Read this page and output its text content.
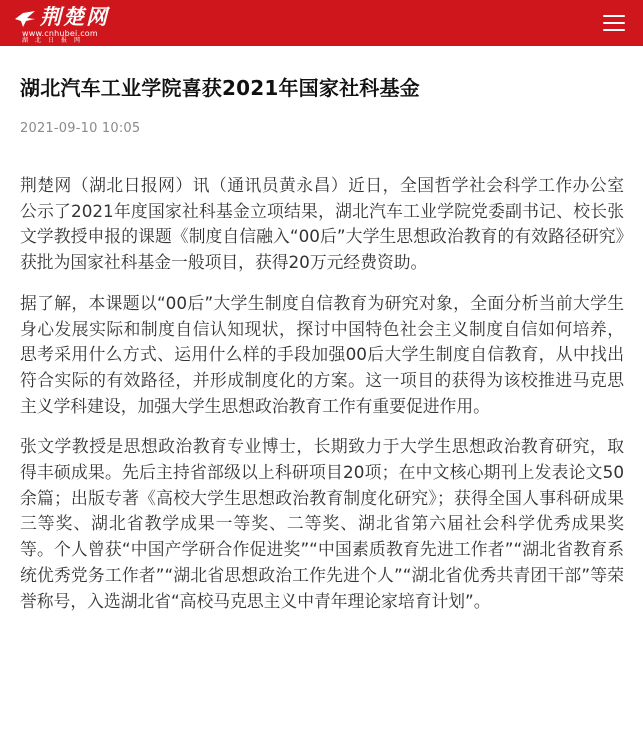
荆楚网
www.cnhubei.com
湖北日报网
湖北汽车工业学院喜获2021年国家社科基金
2021-09-10 10:05

荆楚网（湖北日报网）讯（通讯员黄永昌）近日，全国哲学社会科学工作办公室公示了2021年度国家社科基金立项结果，湖北汽车工业学院党委副书记、校长张文学教授申报的课题《制度自信融入“00后”大学生思想政治教育的有效路径研究》获批为国家社科基金一般项目，获得20万元经费资助。

据了解，本课题以“00后”大学生制度自信教育为研究对象，全面分析当前大学生身心发展实际和制度自信认知现状，探讨中国特色社会主义制度自信如何培养，思考采用什么方式、运用什么样的手段加强00后大学生制度自信教育，从中找出符合实际的有效路径，并形成制度化的方案。这一项目的获得为该校推进马克思主义学科建设，加强大学生思想政治教育工作有重要促进作用。

张文学教授是思想政治教育专业博士，长期致力于大学生思想政治教育研究，取得丰硕成果。先后主持省部级以上科研项目20项；在中文核心期刊上发表论文50余篇；出版专著《高校大学生思想政治教育制度化研究》；获得全国人事科研成果三等奖、湖北省教学成果一等奖、二等奖、湖北省第六届社会科学优秀成果奖等。个人曾获“中国产学研合作促进奖”“中国素质教育先进工作者”“湖北省教育系统优秀党务工作者”“湖北省思想政治工作先进个人”“湖北省优秀共青团干部”等荣誉称号，入选湖北省“高校马克思主义中青年理论家培育计划”。
